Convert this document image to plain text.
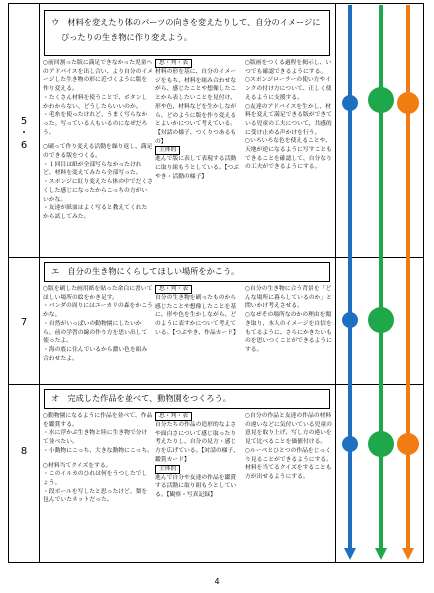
5
・
6
ウ　材料を変えたり体のパーツの向きを変えたりして、自分のイメージに
ぴったりの生き物に作り変えよう。

○前回割った版に満足できなかった児童へのアドバイスを出し合い、より自分のイメージした生き物の形に近づくように版を作り変える。

・たくさん材料を使うことで、ボタンしかわからない、どうしたらいいのか。

・毛糸を使ったけれど、うまく写らなかった。写っている人もいるのになぜだろう。

○刷って作り変える活動を繰り返し、満足のできる版をつくる。

・１回目は紙が全部写らなかったけれど、材料を変えてみたら全部写った。

・スポンジに紅り変えたら体の中でだくさくした感じになったからこっちの方がいいかな。

・友達が紙皿はよく写ると教えてくれたから試してみた。

思・判・表

材料の形を基に、自分のイメージをもち、材料を組み合わせながら、感じたことや想像したことから表したいことを見付け、形や色、材料などを生かしながら、どのように版を作り変えるとよいかについて考えている。【対話の様子、つくりつあるもの】

主体的

進んで版に表して表現する活動に取り組もうとしている。【つぶやき・活動の様子】

○版画をつくる過程を掲示し、いつでも確認できるようにする。

○スポンジローラーの使い方やインクの付け方について、正しく使えるように支援する。

○友達のアドバイスを生かし、材料を変えて満足できる版ができている児童の工夫について、共感的に受け止める声かけを行う。

○いろいろな色を使えることや、天地が逆になるように写すこともできることを確認して、自分なりの工夫ができるようにする。

7
エ　自分の生き物にくらしてほしい場所をかこう。

○版を刷した画用紙を貼った余白に書いてほしい場所の絵をかき足す。

・パンダの周りにはユーカリの森をかこうかな。

・自然がいっぱいの動物園にしたいから、前の学習の線の作り方を思い出して使ったよ。

・海の底に住んでいるから濃い色を組み合わせたよ。

思・判・表

自分の生き物を刷ったものから感じたことや想像したことを基に、形や色を生かしながら、どのように表すかについて考えている。【つぶやき、作品カード】

○自分の生き物に合う背景を「どんな場所に暮らしているのか」と問いかけ考えさせる。

○なぜその場所なのかの理由を聞き取り、本人のイメージを自信をもてるように、さらにかきたいものを思いつくことができるようにする。

8
オ　完成した作品を並べて、動物園をつくろう。

○動物園になるように作品を並べて、作品を鑑賞する。

・水に浮かぶ生き物と陸に生き物で分けて並べたい。

・小動物にこっち、大きな動物にこっち。

○材料当てクイズをする。

・このイルカのひれは何をうつしたでしょう。

・段ボールを写したと思ったけど、梨を包んでいたネットだった。

思・判・表

自分たちの作品の造形的なよさや面白さについて感じ取ったり考えたりし、自分の見方・感じ方を広げている。【対話の様子、鑑賞カード】

主体的

進んで自分や友達の作品を鑑賞する活動に取り組もうとしている。【観察・写真記録】

○自分の作品と友達の作品の材料の違いなどに気付いている児童の意見を取り上げ、写し方の違いを見て比べることを価値付ける。

○ルーペとひとつの作品をじっくり見ることができるようにする。材料を当てるクイズをすることも方が出せるようにする。

4
